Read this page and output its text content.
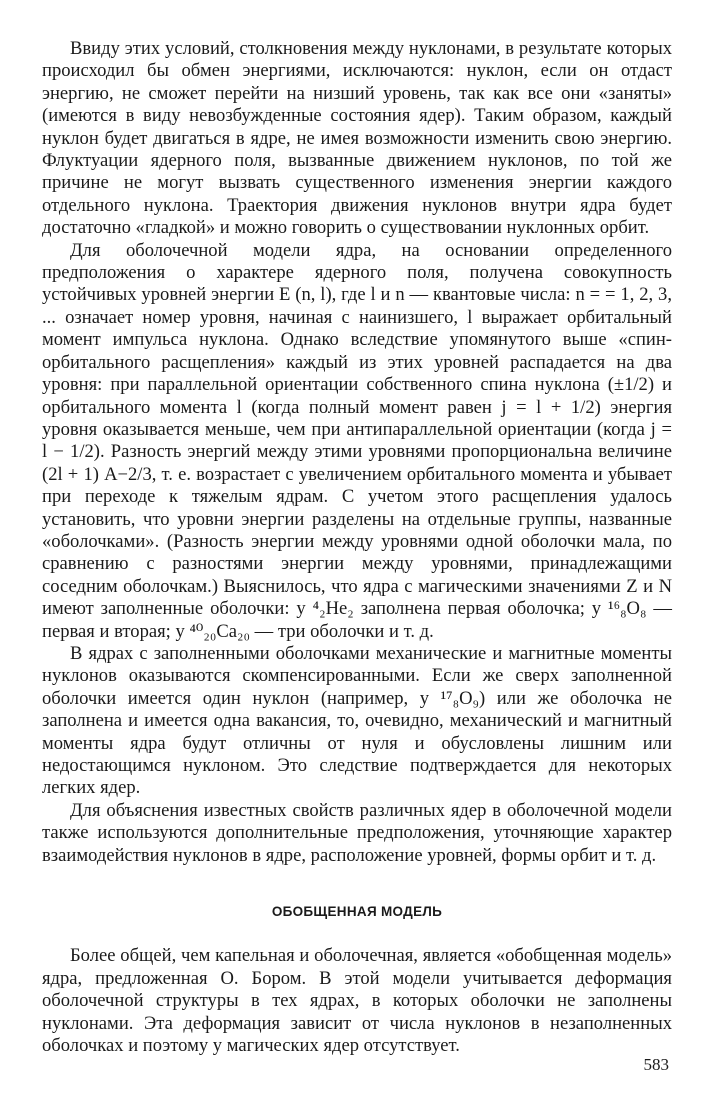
Ввиду этих условий, столкновения между нуклонами, в результате которых происходил бы обмен энергиями, исключаются: нуклон, если он отдаст энергию, не сможет перейти на низший уровень, так как все они «заняты» (имеются в виду невозбужденные состояния ядер). Таким образом, каждый нуклон будет двигаться в ядре, не имея возможности изменить свою энергию. Флуктуации ядерного поля, вызванные движением нуклонов, по той же причине не могут вызвать существенного изменения энергии каждого отдельного нуклона. Траектория движения нуклонов внутри ядра будет достаточно «гладкой» и можно говорить о существовании нуклонных орбит.

Для оболочечной модели ядра, на основании определенного предположения о характере ядерного поля, получена совокупность устойчивых уровней энергии E (n, l), где l и n — квантовые числа: n = = 1, 2, 3, ... означает номер уровня, начиная с наинизшего, l выражает орбитальный момент импульса нуклона. Однако вследствие упомянутого выше «спин-орбитального расщепления» каждый из этих уровней распадается на два уровня: при параллельной ориентации собственного спина нуклона (±1/2) и орбитального момента l (когда полный момент равен j = l + 1/2) энергия уровня оказывается меньше, чем при антипараллельной ориентации (когда j = l − 1/2). Разность энергий между этими уровнями пропорциональна величине (2l + 1) A−2/3, т. е. возрастает с увеличением орбитального момента и убывает при переходе к тяжелым ядрам. С учетом этого расщепления удалось установить, что уровни энергии разделены на отдельные группы, названные «оболочками». (Разность энергии между уровнями одной оболочки мала, по сравнению с разностями энергии между уровнями, принадлежащими соседним оболочкам.) Выяснилось, что ядра с магическими значениями Z и N имеют заполненные оболочки: у ⁴₂He₂ заполнена первая оболочка; у ¹⁶₈O₈ — первая и вторая; у ⁴⁰₂₀Ca₂₀ — три оболочки и т. д.

В ядрах с заполненными оболочками механические и магнитные моменты нуклонов оказываются скомпенсированными. Если же сверх заполненной оболочки имеется один нуклон (например, у ¹⁷₈O₉) или же оболочка не заполнена и имеется одна вакансия, то, очевидно, механический и магнитный моменты ядра будут отличны от нуля и обусловлены лишним или недостающимся нуклоном. Это следствие подтверждается для некоторых легких ядер.

Для объяснения известных свойств различных ядер в оболочечной модели также используются дополнительные предположения, уточняющие характер взаимодействия нуклонов в ядре, расположение уровней, формы орбит и т. д.

ОБОБЩЕННАЯ МОДЕЛЬ

Более общей, чем капельная и оболочечная, является «обобщенная модель» ядра, предложенная О. Бором. В этой модели учитывается деформация оболочечной структуры в тех ядрах, в которых оболочки не заполнены нуклонами. Эта деформация зависит от числа нуклонов в незаполненных оболочках и поэтому у магических ядер отсутствует.

583
